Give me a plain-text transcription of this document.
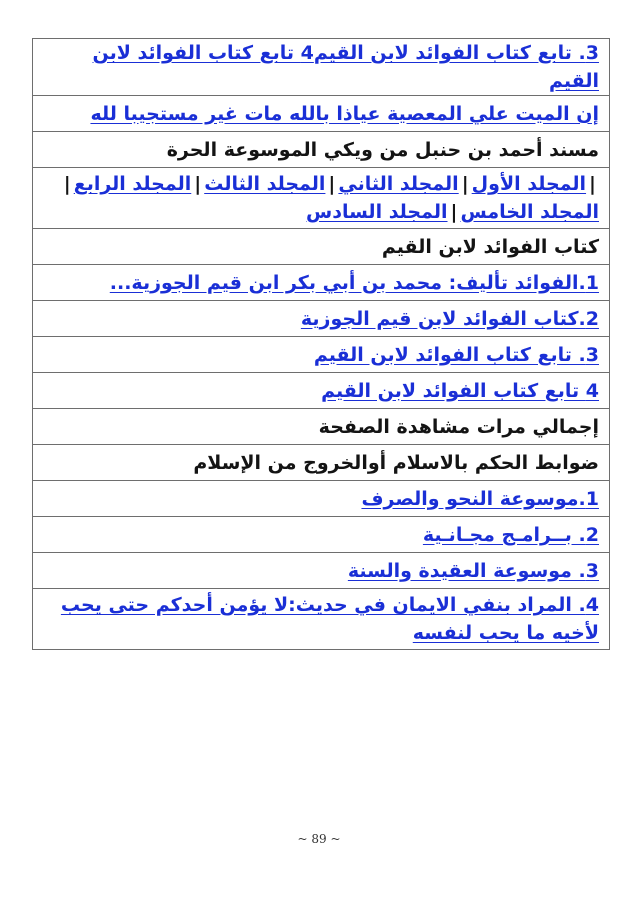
3. تابع كتاب الفوائد لابن القيم4 تابع كتاب الفوائد لابن القيم
إن الميت علي المعصية عياذا بالله مات غير مستجيبا لله
مسند أحمد بن حنبل من ويكي الموسوعة الحرة
|المجلد الأول|المجلد الثاني|المجلد الثالث|المجلد الرابع|المجلد الخامس|المجلد السادس
كتاب الفوائد لابن القيم
1.الفوائد تأليف: محمد بن أبي بكر ابن قيم الجوزية...
2.كتاب الفوائد لابن قيم الجوزية
3. تابع كتاب الفوائد لابن القيم
4 تابع كتاب الفوائد لابن القيم
إجمالي مرات مشاهدة الصفحة
ضوابط الحكم بالاسلام أوالخروج من الإسلام
1.موسوعة النحو والصرف
2. بــرامـج مجـانـية
3. موسوعة العقيدة والسنة
4. المراد بنفي الايمان في حديث:لا يؤمن أحدكم حتى يحب لأخيه ما يحب لنفسه
~ 89 ~
